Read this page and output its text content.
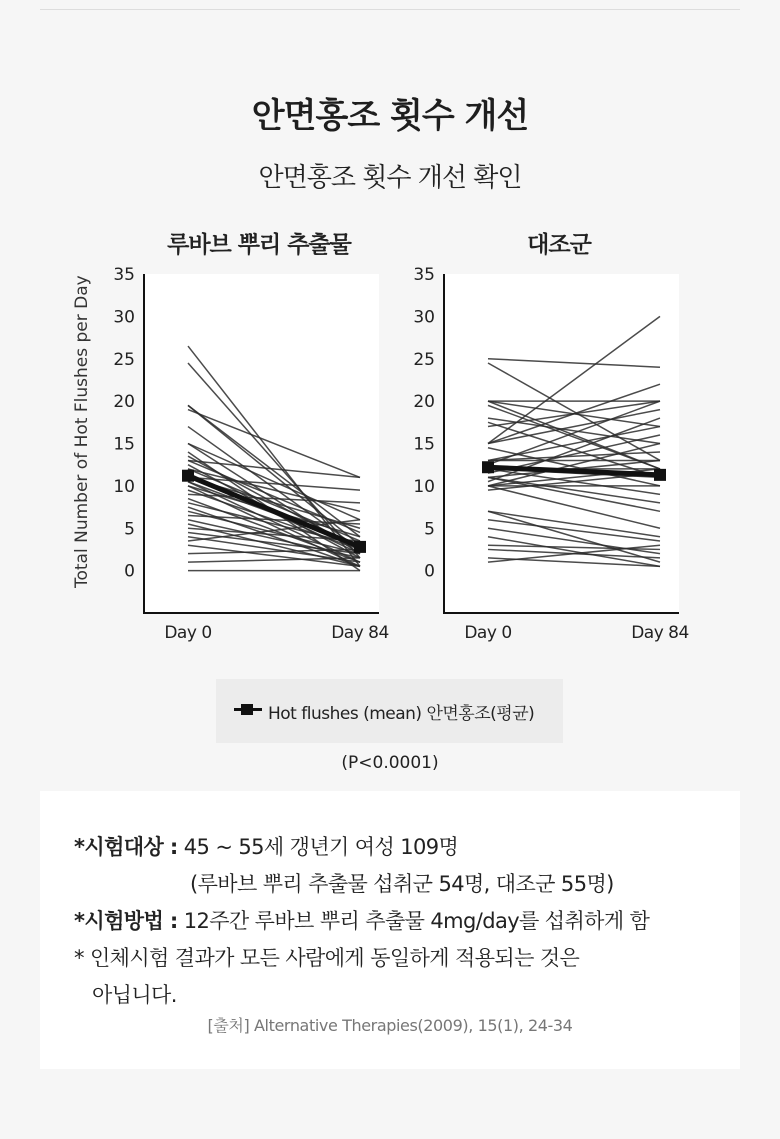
안면홍조 횟수 개선
안면홍조 횟수 개선 확인
루바브 뿌리 추출물	대조군
Total Number of Hot Flushes per Day 0
5
10
15
20
25
30
35
Day 0	Day 84
0
5
10
15
20
25
30
35
Day 0	Day 84
Hot flushes (mean) 안면홍조(평균)
(P<0.0001)
*시험대상 : 45 ~ 55세 갱년기 여성 109명
(루바브 뿌리 추출물 섭취군 54명, 대조군 55명)
*시험방법 : 12주간 루바브 뿌리 추출물 4mg/day를 섭취하게 함
* 인체시험 결과가 모든 사람에게 동일하게 적용되는 것은
아닙니다.
[출처] Alternative Therapies(2009), 15(1), 24-34
